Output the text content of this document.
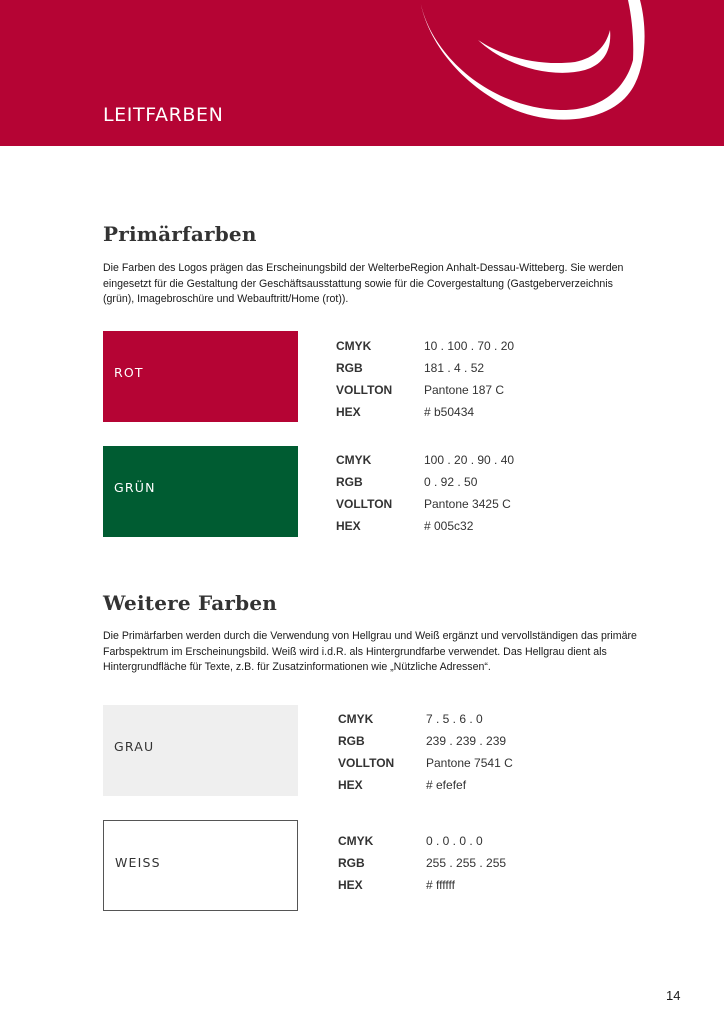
LEITFARBEN
Primärfarben
Die Farben des Logos prägen das Erscheinungsbild der WelterbeRegion Anhalt-Dessau-Witteberg. Sie werden eingesetzt für die Gestaltung der Geschäftsausstattung sowie für die Covergestaltung (Gastgeberverzeichnis (grün), Imagebroschüre und Webauftritt/Home (rot)).
ROT
CMYK	10 . 100 . 70 . 20
RGB	181 . 4 . 52
VOLLTON	Pantone 187 C
HEX	# b50434
GRÜN
CMYK	100 . 20 . 90 . 40
RGB	0 . 92 . 50
VOLLTON	Pantone 3425 C
HEX	# 005c32
Weitere Farben
Die Primärfarben werden durch die Verwendung von Hellgrau und Weiß ergänzt und vervollständigen das primäre Farbspektrum im Erscheinungsbild. Weiß wird i.d.R. als Hintergrundfarbe verwendet. Das Hellgrau dient als Hintergrundfläche für Texte, z.B. für Zusatzinformationen wie „Nützliche Adressen“.
GRAU
CMYK	7 . 5 . 6 . 0
RGB	239 . 239 . 239
VOLLTON	Pantone 7541 C
HEX	# efefef
WEISS
CMYK	0 . 0 . 0 . 0
RGB	255 . 255 . 255
HEX	# ffffff
14
